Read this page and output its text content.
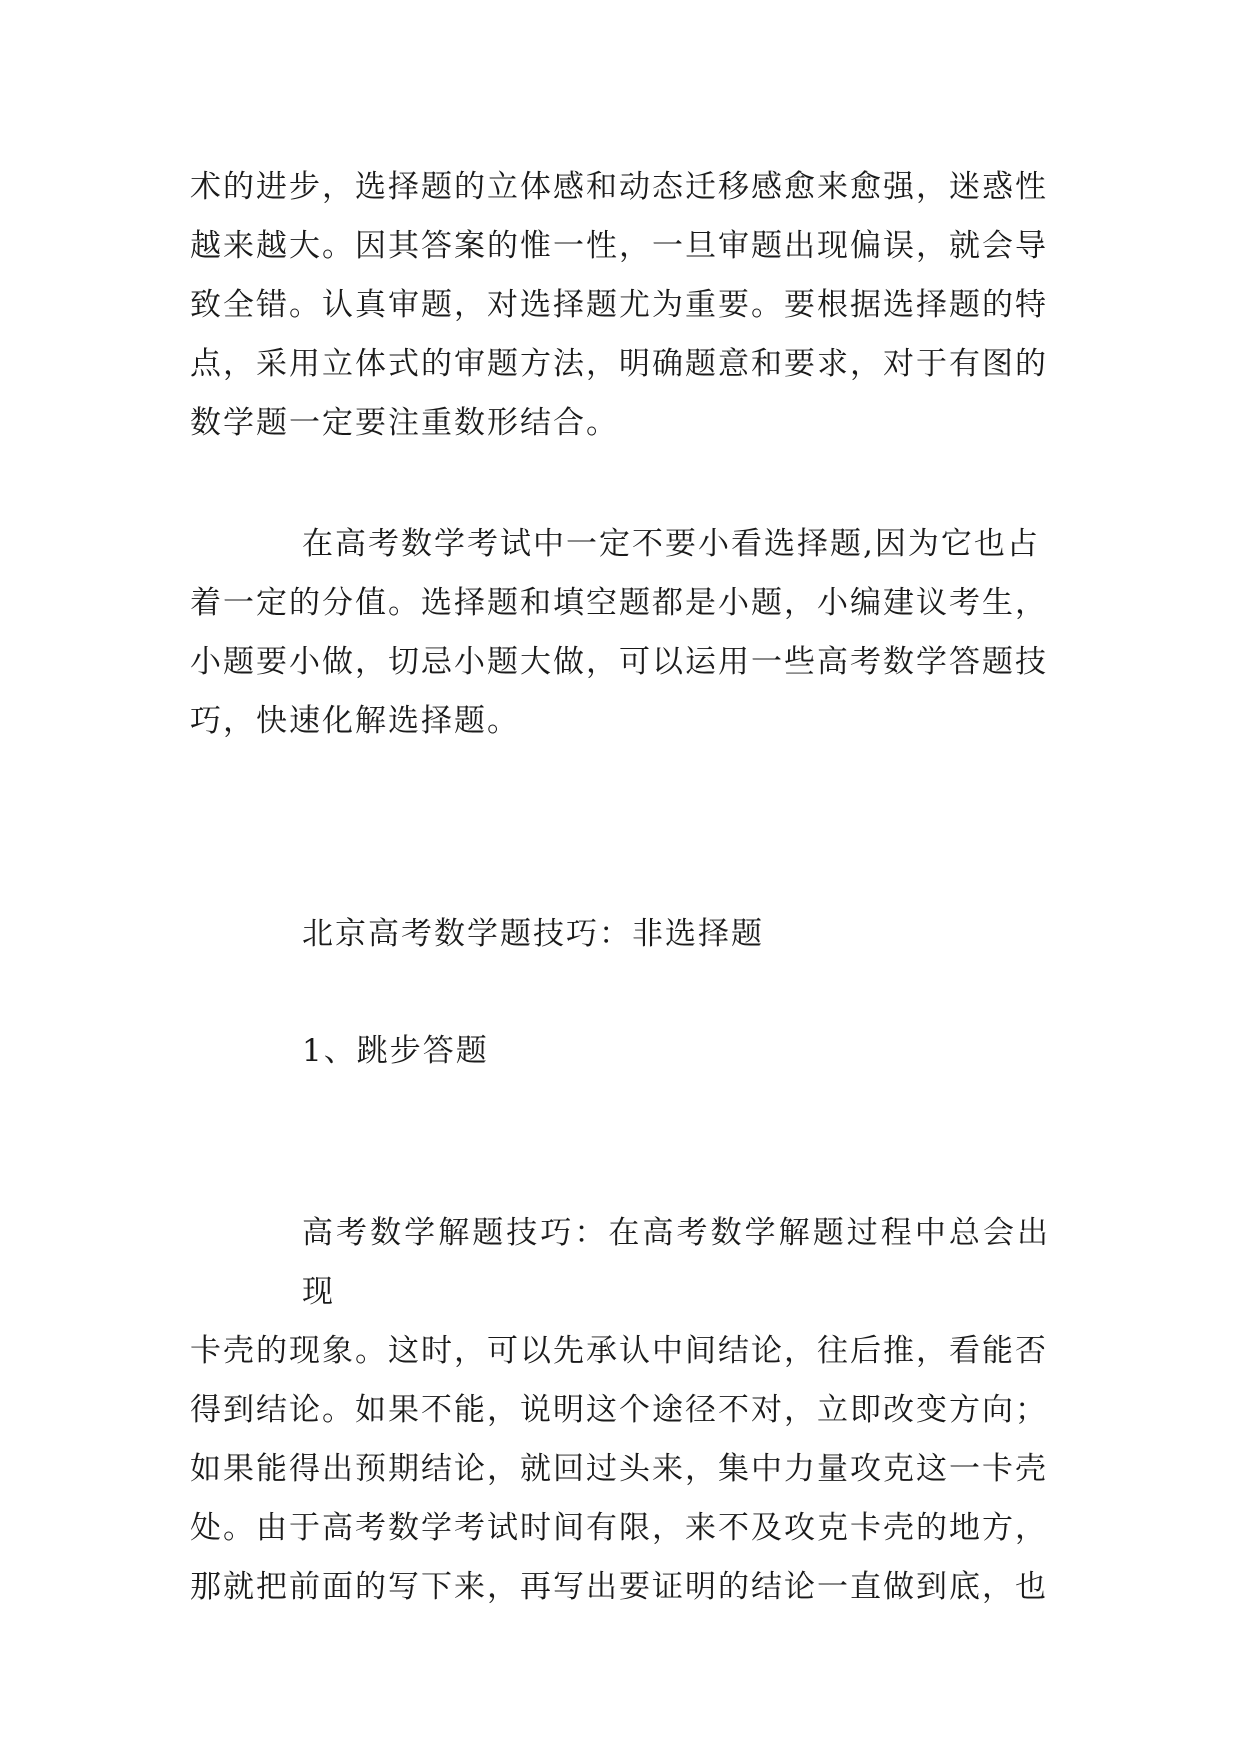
术的进步，选择题的立体感和动态迁移感愈来愈强，迷惑性
越来越大。因其答案的惟一性，一旦审题出现偏误，就会导
致全错。认真审题，对选择题尤为重要。要根据选择题的特
点，采用立体式的审题方法，明确题意和要求，对于有图的
数学题一定要注重数形结合。
在高考数学考试中一定不要小看选择题,因为它也占
着一定的分值。选择题和填空题都是小题，小编建议考生，
小题要小做，切忌小题大做，可以运用一些高考数学答题技
巧，快速化解选择题。
北京高考数学题技巧：非选择题
1、跳步答题
高考数学解题技巧：在高考数学解题过程中总会出现
卡壳的现象。这时，可以先承认中间结论，往后推，看能否
得到结论。如果不能，说明这个途径不对，立即改变方向；
如果能得出预期结论，就回过头来，集中力量攻克这一卡壳
处。由于高考数学考试时间有限，来不及攻克卡壳的地方，
那就把前面的写下来，再写出要证明的结论一直做到底，也
